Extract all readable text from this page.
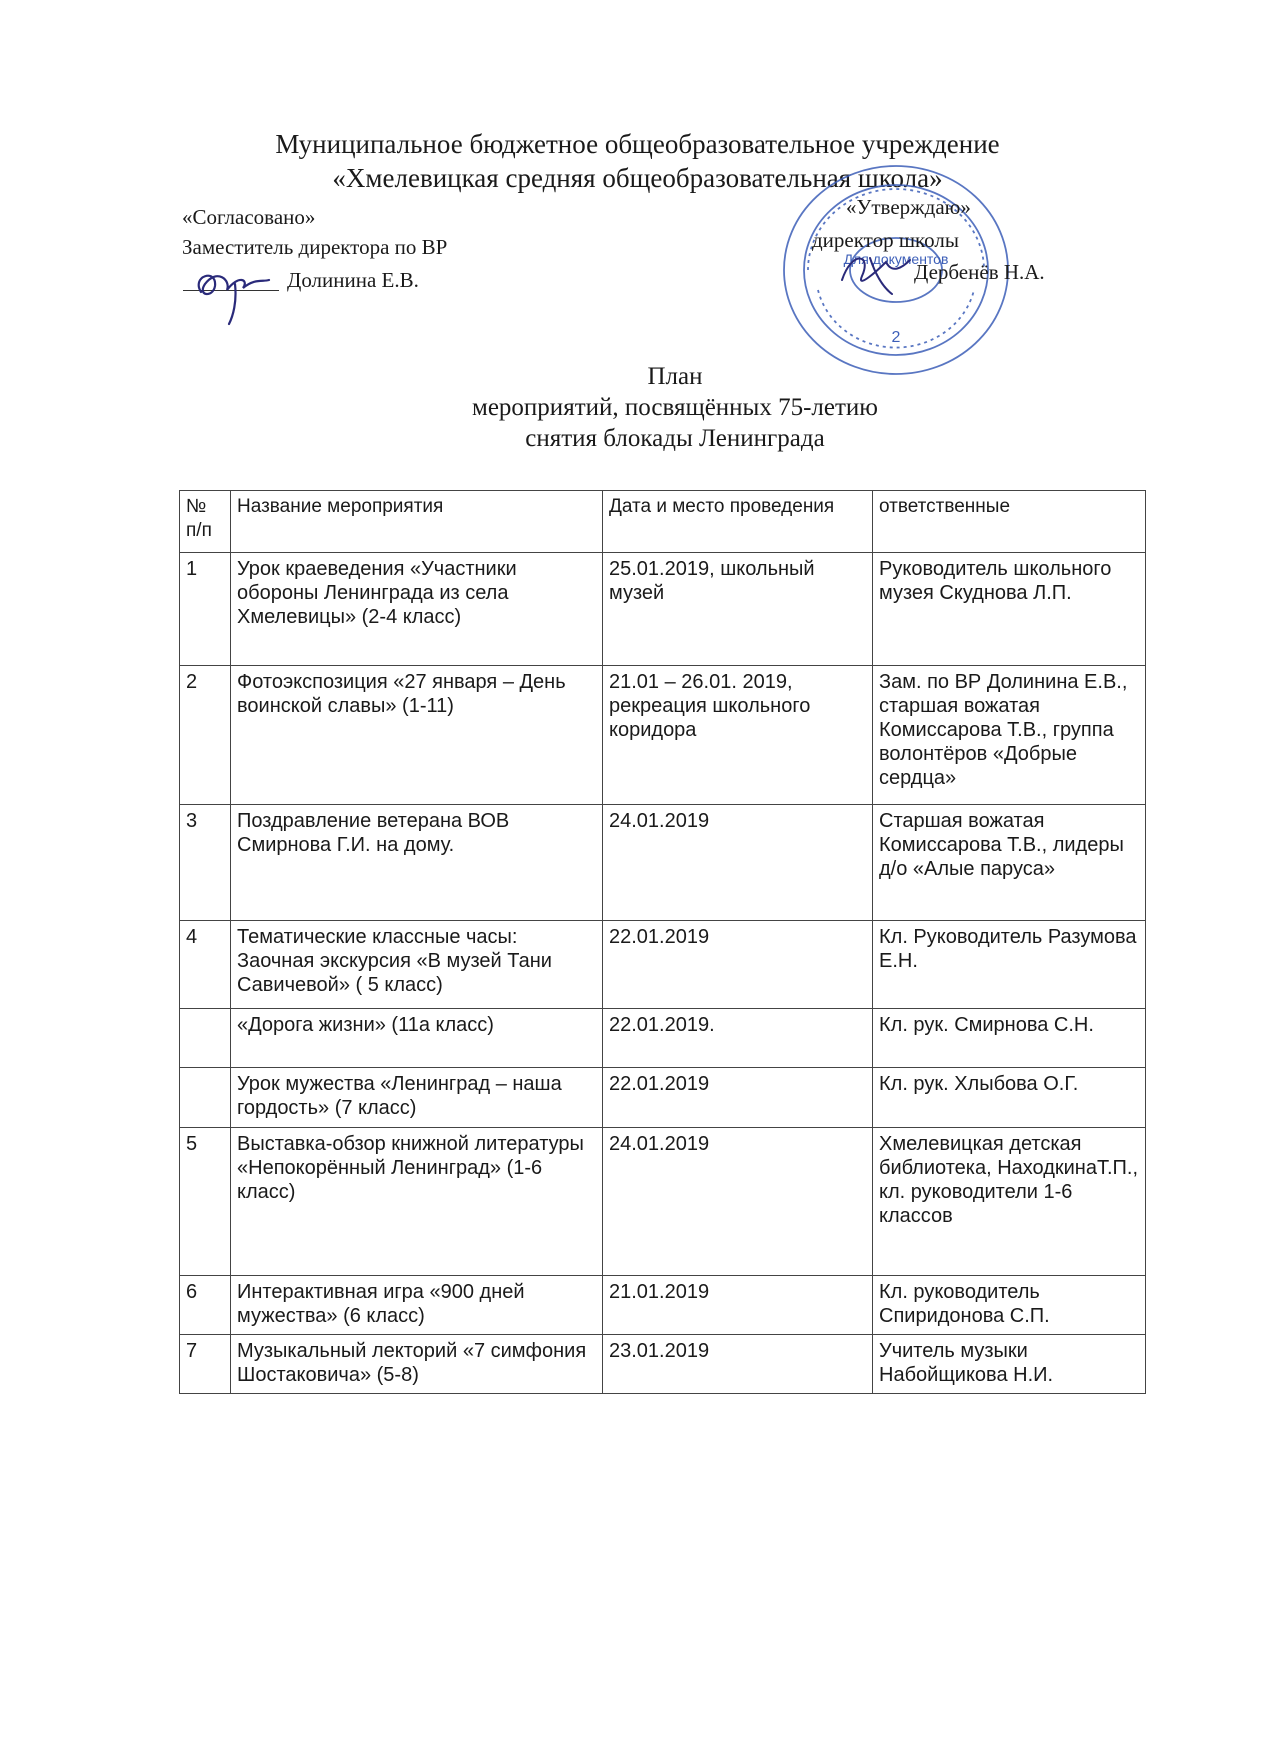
Муниципальное бюджетное общеобразовательное учреждение
«Хмелевицкая средняя общеобразовательная школа»
«Согласовано»
Заместитель директора по ВР
Долинина Е.В.
Для документов
2
«Утверждаю»
директор школы
Дербенёв Н.А.
План
мероприятий, посвящённых 75-летию
снятия блокады Ленинграда
№ п/п	Название мероприятия	Дата и место проведения	ответственные
1	Урок краеведения «Участники обороны Ленинграда из села Хмелевицы» (2-4 класс)	25.01.2019, школьный музей	Руководитель школьного музея Скуднова Л.П.
2	Фотоэкспозиция «27 января – День воинской славы» (1-11)	21.01 – 26.01. 2019, рекреация школьного коридора	Зам. по ВР Долинина Е.В., старшая вожатая Комиссарова Т.В., группа волонтёров «Добрые сердца»
3	Поздравление ветерана ВОВ Смирнова Г.И. на дому.	24.01.2019	Старшая вожатая Комиссарова Т.В., лидеры д/о «Алые паруса»
4	Тематические классные часы: Заочная экскурсия «В музей Тани Савичевой» ( 5 класс)	22.01.2019	Кл. Руководитель Разумова Е.Н.
	«Дорога жизни» (11а класс)	22.01.2019.	Кл. рук. Смирнова С.Н.
	Урок мужества «Ленинград – наша гордость» (7 класс)	22.01.2019	Кл. рук. Хлыбова О.Г.
5	Выставка-обзор книжной литературы «Непокорённый Ленинград» (1-6 класс)	24.01.2019	Хмелевицкая детская библиотека, НаходкинаТ.П., кл. руководители 1-6 классов
6	Интерактивная игра «900 дней мужества» (6 класс)	21.01.2019	Кл. руководитель Спиридонова С.П.
7	Музыкальный лекторий «7 симфония Шостаковича» (5-8)	23.01.2019	Учитель музыки Набойщикова Н.И.
